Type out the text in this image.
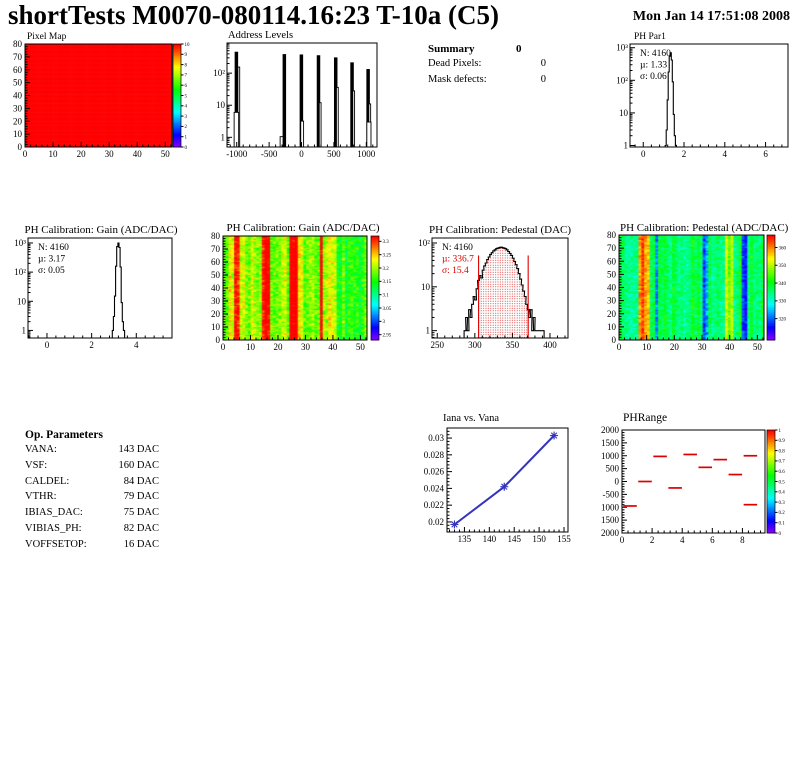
shortTests M0070-080114.16:23 T-10a (C5)	Mon Jan 14 17:51:08 2008
Pixel Map	Address Levels	PH Par1
PH Calibration: Gain (ADC/DAC)	PH Calibration: Gain (ADC/DAC)	PH Calibration: Pedestal (DAC)	PH Calibration: Pedestal (ADC/DAC)
Iana vs. Vana	PHRange
Summary	0
Dead Pixels:	0
Mask defects:	0
Op. Parameters
VANA:	143 DAC
VSF:	160 DAC
CALDEL:	84 DAC
VTHR:	79 DAC
IBIAS_DAC:	75 DAC
VIBIAS_PH:	82 DAC
VOFFSETOP:	16 DAC
0	2	4	6
1
10
10²
10³
N: 4160
µ: 1.33
σ: 0.06
0	2	4
1
10
10²
10³
N: 4160
µ: 3.17
σ: 0.05
250	300	350	400
1
10
10²
N: 4160
µ: 336.7
σ: 15.4
-1000 -500 0	500 1000
1
10
10²
0 10 20 30 40 50
0
10
20
30
40
50
60
70
80	10
9
8
7
6
5
4
3
2
1
0
0 10 20 30 40 50
0
10
20
30
40
50
60
70
80
3.3
3.25
3.2
3.15
3.1
3.05
3
2.95
0 10 20 30 40 50
0
10
20
30
40
50
60
70
80
360
350
340
330
320
135 140 145 150 155
0.02
0.022
0.024
0.026
0.028
0.03
0	2	4	6	8
2000
1500
1000
500
0
-500
1000
1500
2000
1
0.9
0.8
0.7
0.6
0.5
0.4
0.3
0.2
0.1
0
